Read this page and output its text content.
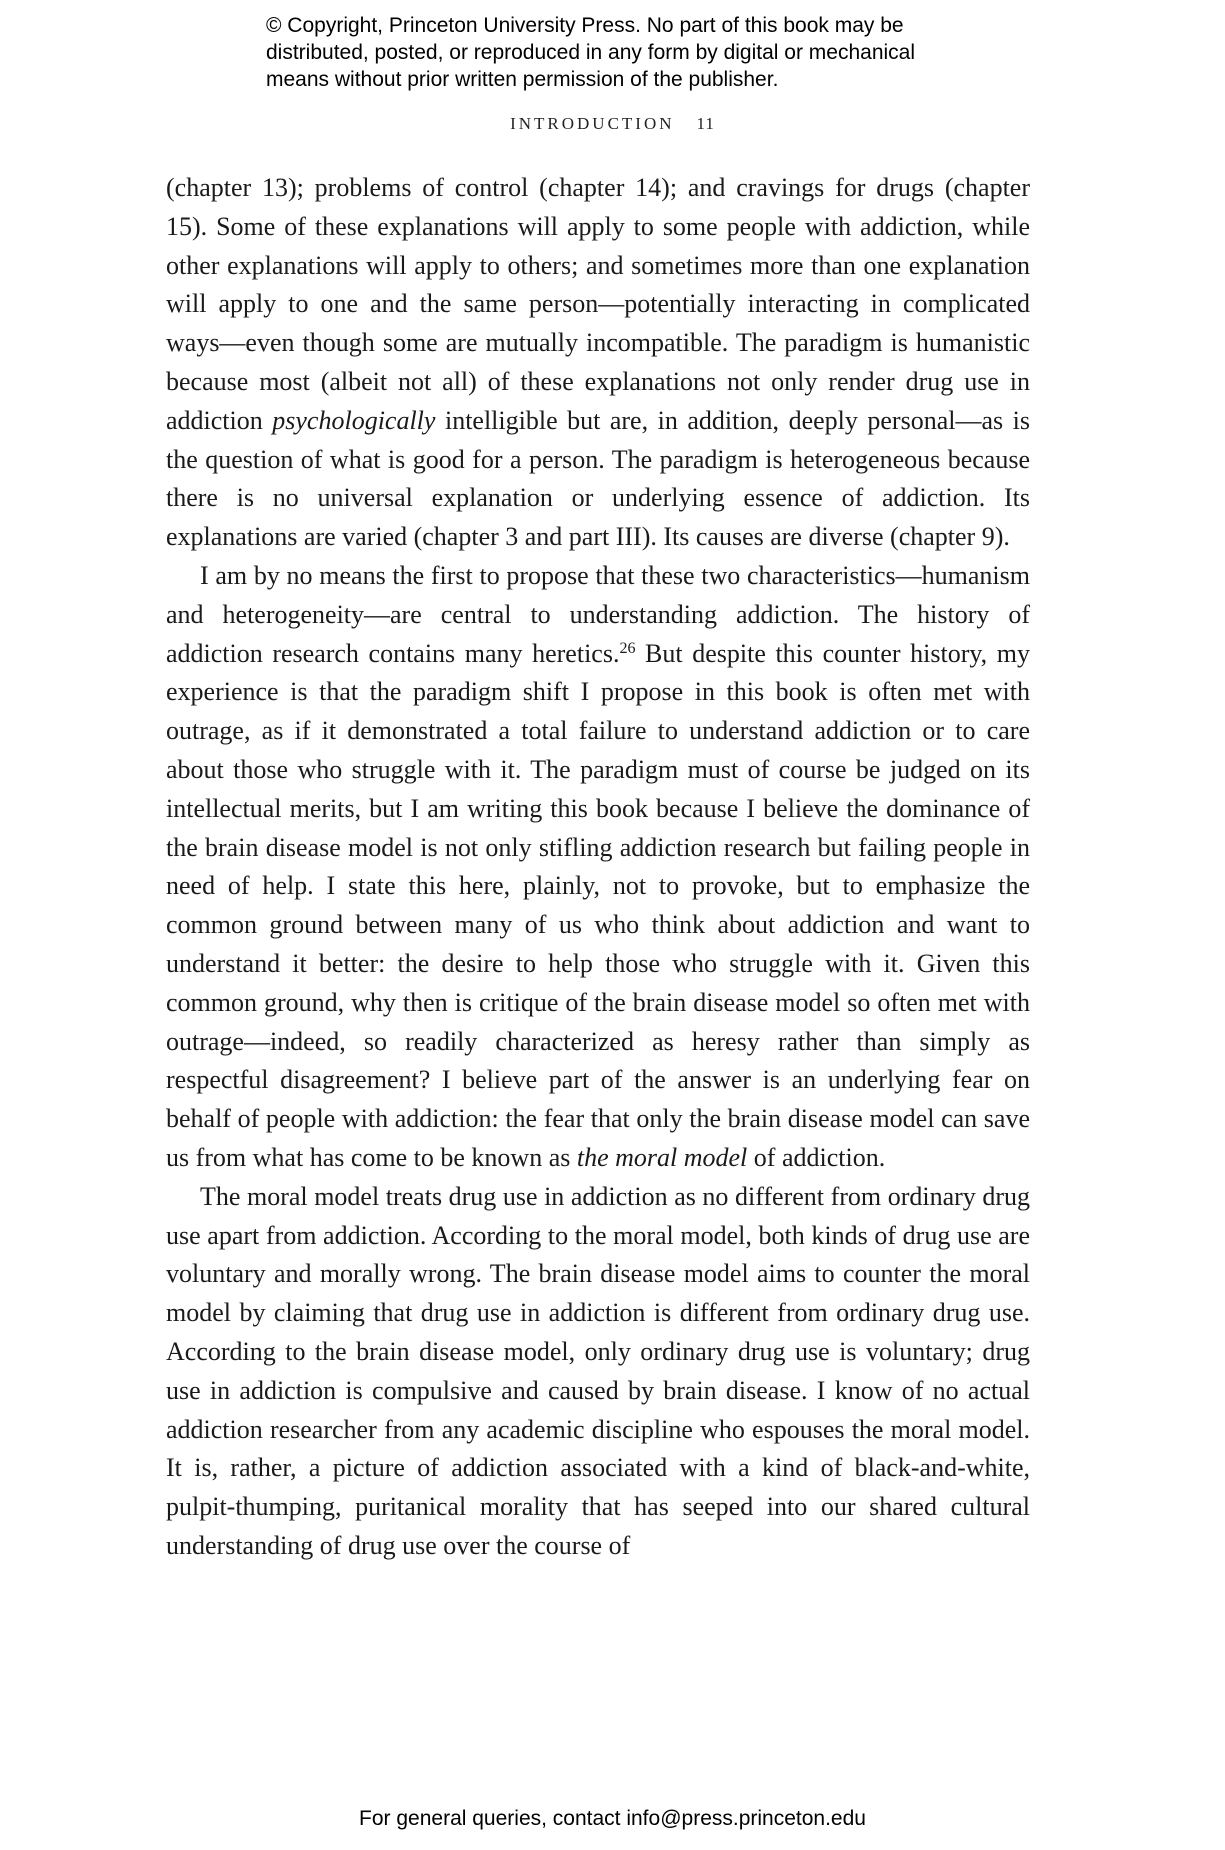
© Copyright, Princeton University Press. No part of this book may be

distributed, posted, or reproduced in any form by digital or mechanical

means without prior written permission of the publisher.

INTRODUCTION 11

(chapter 13); problems of control (chapter 14); and cravings for drugs (chapter 15). Some of these explanations will apply to some people with addiction, while other explanations will apply to others; and sometimes more than one explanation will apply to one and the same person—potentially interacting in complicated ways—even though some are mutually incompatible. The paradigm is humanistic because most (albeit not all) of these explanations not only render drug use in addiction psychologically intelligible but are, in addition, deeply personal—as is the question of what is good for a person. The paradigm is heterogeneous because there is no universal explanation or underlying essence of addiction. Its explanations are varied (chapter 3 and part III). Its causes are diverse (chapter 9).

I am by no means the first to propose that these two characteristics—humanism and heterogeneity—are central to understanding addiction. The history of addiction research contains many heretics.$^{26}$ But despite this counter history, my experience is that the paradigm shift I propose in this book is often met with outrage, as if it demonstrated a total failure to understand addiction or to care about those who struggle with it. The paradigm must of course be judged on its intellectual merits, but I am writing this book because I believe the dominance of the brain disease model is not only stifling addiction research but failing people in need of help. I state this here, plainly, not to provoke, but to emphasize the common ground between many of us who think about addiction and want to understand it better: the desire to help those who struggle with it. Given this common ground, why then is critique of the brain disease model so often met with outrage—indeed, so readily characterized as heresy rather than simply as respectful disagreement? I believe part of the answer is an underlying fear on behalf of people with addiction: the fear that only the brain disease model can save us from what has come to be known as the moral model of addiction.

The moral model treats drug use in addiction as no different from ordinary drug use apart from addiction. According to the moral model, both kinds of drug use are voluntary and morally wrong. The brain disease model aims to counter the moral model by claiming that drug use in addiction is different from ordinary drug use. According to the brain disease model, only ordinary drug use is voluntary; drug use in addiction is compulsive and caused by brain disease. I know of no actual addiction researcher from any academic discipline who espouses the moral model. It is, rather, a picture of addiction associated with a kind of black-and-white, pulpit-thumping, puritanical morality that has seeped into our shared cultural understanding of drug use over the course of

For general queries, contact info@press.princeton.edu
